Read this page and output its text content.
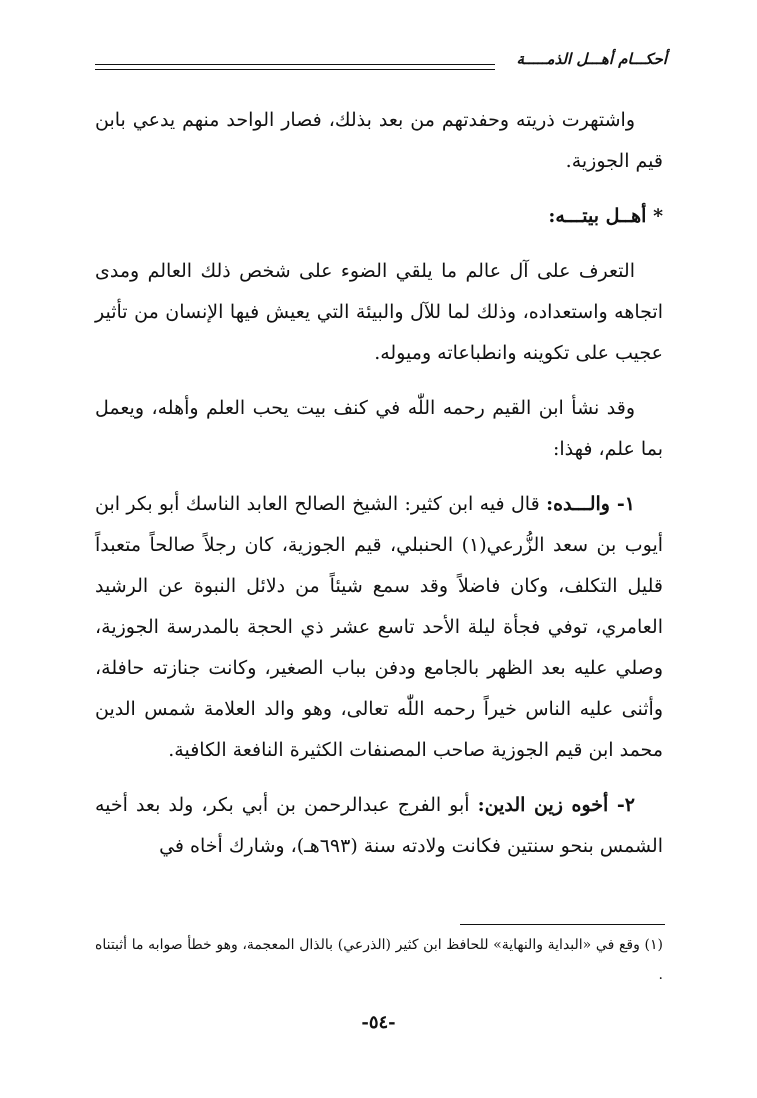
أحكـــام أهـــل الذمـــــة

واشتهرت ذريته وحفدتهم من بعد بذلك، فصار الواحد منهم يدعي بابن قيم الجوزية.

* أهــل بيتـــه:

التعرف على آل عالم ما يلقي الضوء على شخص ذلك العالم ومدى اتجاهه واستعداده، وذلك لما للآل والبيئة التي يعيش فيها الإنسان من تأثير عجيب على تكوينه وانطباعاته وميوله.

وقد نشأ ابن القيم رحمه اللّٰه في كنف بيت يحب العلم وأهله، ويعمل بما علم، فهذا:

١- والـــده: قال فيه ابن كثير: الشيخ الصالح العابد الناسك أبو بكر ابن أيوب بن سعد الزُّرعي(١) الحنبلي، قيم الجوزية، كان رجلاً صالحاً متعبداً قليل التكلف، وكان فاضلاً وقد سمع شيئاً من دلائل النبوة عن الرشيد العامري، توفي فجأة ليلة الأحد تاسع عشر ذي الحجة بالمدرسة الجوزية، وصلي عليه بعد الظهر بالجامع ودفن بباب الصغير، وكانت جنازته حافلة، وأثنى عليه الناس خيراً رحمه اللّٰه تعالى، وهو والد العلامة شمس الدين محمد ابن قيم الجوزية صاحب المصنفات الكثيرة النافعة الكافية.

٢- أخوه زين الدين: أبو الفرج عبدالرحمن بن أبي بكر، ولد بعد أخيه الشمس بنحو سنتين فكانت ولادته سنة (٦٩٣هـ)، وشارك أخاه في

(١) وقع في «البداية والنهاية» للحافظ ابن كثير (الذرعي) بالذال المعجمة، وهو خطأ صوابه ما أثبتناه .
-٥٤-
